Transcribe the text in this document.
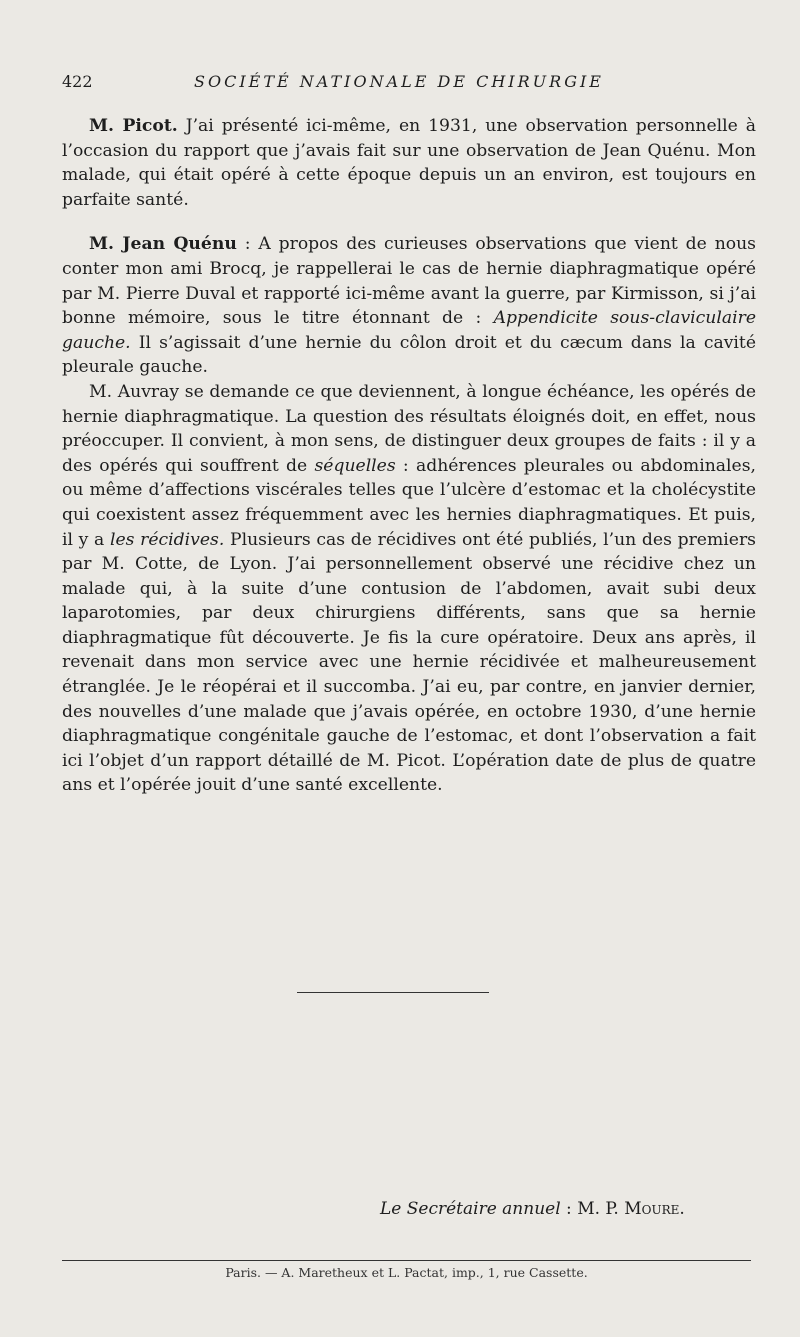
422	SOCIÉTÉ NATIONALE DE CHIRURGIE

M. Picot. J’ai présenté ici-même, en 1931, une observation personnelle à l’occasion du rapport que j’avais fait sur une observation de Jean Quénu. Mon malade, qui était opéré à cette époque depuis un an environ, est toujours en parfaite santé.

M. Jean Quénu : A propos des curieuses observations que vient de nous conter mon ami Brocq, je rappellerai le cas de hernie diaphragmatique opéré par M. Pierre Duval et rapporté ici-même avant la guerre, par Kirmisson, si j’ai bonne mémoire, sous le titre étonnant de : Appendicite sous-claviculaire gauche. Il s’agissait d’une hernie du côlon droit et du cæcum dans la cavité pleurale gauche.

M. Auvray se demande ce que deviennent, à longue échéance, les opérés de hernie diaphragmatique. La question des résultats éloignés doit, en effet, nous préoccuper. Il convient, à mon sens, de distinguer deux groupes de faits : il y a des opérés qui souffrent de séquelles : adhérences pleurales ou abdominales, ou même d’affections viscérales telles que l’ulcère d’estomac et la cholécystite qui coexistent assez fréquemment avec les hernies diaphragmatiques. Et puis, il y a les récidives. Plusieurs cas de récidives ont été publiés, l’un des premiers par M. Cotte, de Lyon. J’ai personnellement observé une récidive chez un malade qui, à la suite d’une contusion de l’abdomen, avait subi deux laparotomies, par deux chirurgiens différents, sans que sa hernie diaphragmatique fût découverte. Je fis la cure opératoire. Deux ans après, il revenait dans mon service avec une hernie récidivée et malheureusement étranglée. Je le réopérai et il succomba. J’ai eu, par contre, en janvier dernier, des nouvelles d’une malade que j’avais opérée, en octobre 1930, d’une hernie diaphragmatique congénitale gauche de l’estomac, et dont l’observation a fait ici l’objet d’un rapport détaillé de M. Picot. L’opération date de plus de quatre ans et l’opérée jouit d’une santé excellente.

Le Secrétaire annuel : M. P. Moure.
Paris. — A. Maretheux et L. Pactat, imp., 1, rue Cassette.
